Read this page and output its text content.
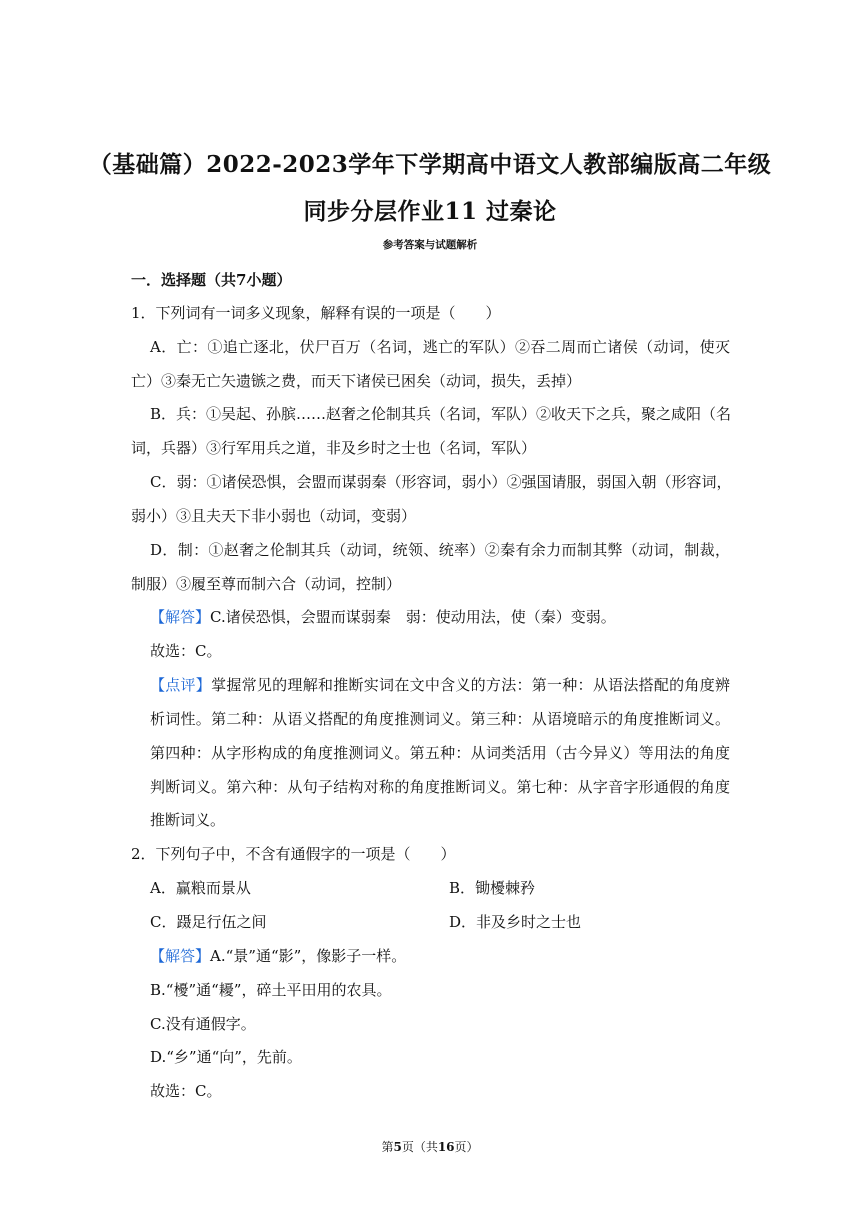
（基础篇）2022-2023学年下学期高中语文人教部编版高二年级
同步分层作业11 过秦论
参考答案与试题解析
一．选择题（共7小题）
1．下列词有一词多义现象，解释有误的一项是（　　）
A．亡：①追亡逐北，伏尸百万（名词，逃亡的军队）②吞二周而亡诸侯（动词，使灭
亡）③秦无亡矢遗镞之费，而天下诸侯已困矣（动词，损失，丢掉）
B．兵：①吴起、孙膑……赵奢之伦制其兵（名词，军队）②收天下之兵，聚之咸阳（名
词，兵器）③行军用兵之道，非及乡时之士也（名词，军队）
C．弱：①诸侯恐惧，会盟而谋弱秦（形容词，弱小）②强国请服，弱国入朝（形容词，
弱小）③且夫天下非小弱也（动词，变弱）
D．制：①赵奢之伦制其兵（动词，统领、统率）②秦有余力而制其弊（动词，制裁，
制服）③履至尊而制六合（动词，控制）
【解答】C.诸侯恐惧，会盟而谋弱秦　弱：使动用法，使（秦）变弱。
故选：C。
【点评】掌握常见的理解和推断实词在文中含义的方法：第一种：从语法搭配的角度辨
析词性。第二种：从语义搭配的角度推测词义。第三种：从语境暗示的角度推断词义。
第四种：从字形构成的角度推测词义。第五种：从词类活用（古今异义）等用法的角度
判断词义。第六种：从句子结构对称的角度推断词义。第七种：从字音字形通假的角度
推断词义。
2．下列句子中，不含有通假字的一项是（　　）
A．赢粮而景从	B．锄櫌棘矜
C．蹑足行伍之间	D．非及乡时之士也
【解答】A.“景”通“影”，像影子一样。
B.“櫌”通“耰”，碎土平田用的农具。
C.没有通假字。
D.“乡”通“向”，先前。
故选：C。
第5页（共16页）
